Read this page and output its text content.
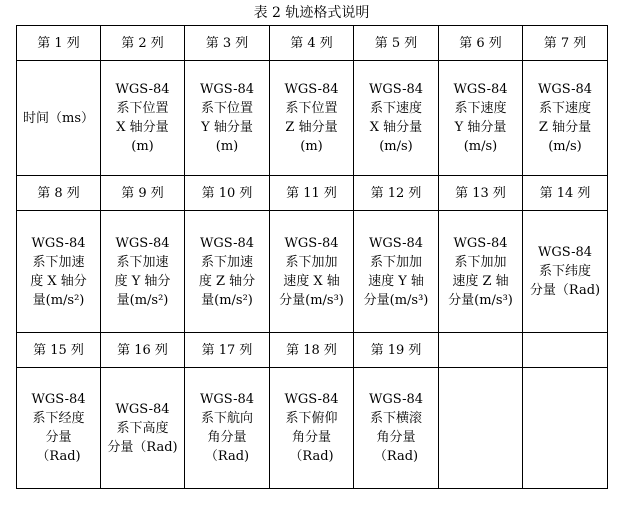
表 2 轨迹格式说明
第 1 列	第 2 列	第 3 列	第 4 列	第 5 列	第 6 列	第 7 列

时间（ms）	WGS-84
系下位置
X 轴分量
(m)	WGS-84
系下位置
Y 轴分量
(m)	WGS-84
系下位置
Z 轴分量
(m)	WGS-84
系下速度
X 轴分量
(m/s)	WGS-84
系下速度
Y 轴分量
(m/s)	WGS-84
系下速度
Z 轴分量
(m/s)

第 8 列	第 9 列	第 10 列	第 11 列	第 12 列	第 13 列	第 14 列

WGS-84
系下加速
度 X 轴分
量(m/s²)	WGS-84
系下加速
度 Y 轴分
量(m/s²)	WGS-84
系下加速
度 Z 轴分
量(m/s²)	WGS-84
系下加加
速度 X 轴
分量(m/s³)	WGS-84
系下加加
速度 Y 轴
分量(m/s³)	WGS-84
系下加加
速度 Z 轴
分量(m/s³)	WGS-84
系下纬度
分量（Rad)

第 15 列	第 16 列	第 17 列	第 18 列	第 19 列		

WGS-84
系下经度
分量
（Rad)	WGS-84
系下高度
分量（Rad)	WGS-84
系下航向
角分量
（Rad)	WGS-84
系下俯仰
角分量
（Rad)	WGS-84
系下横滚
角分量
（Rad)		
